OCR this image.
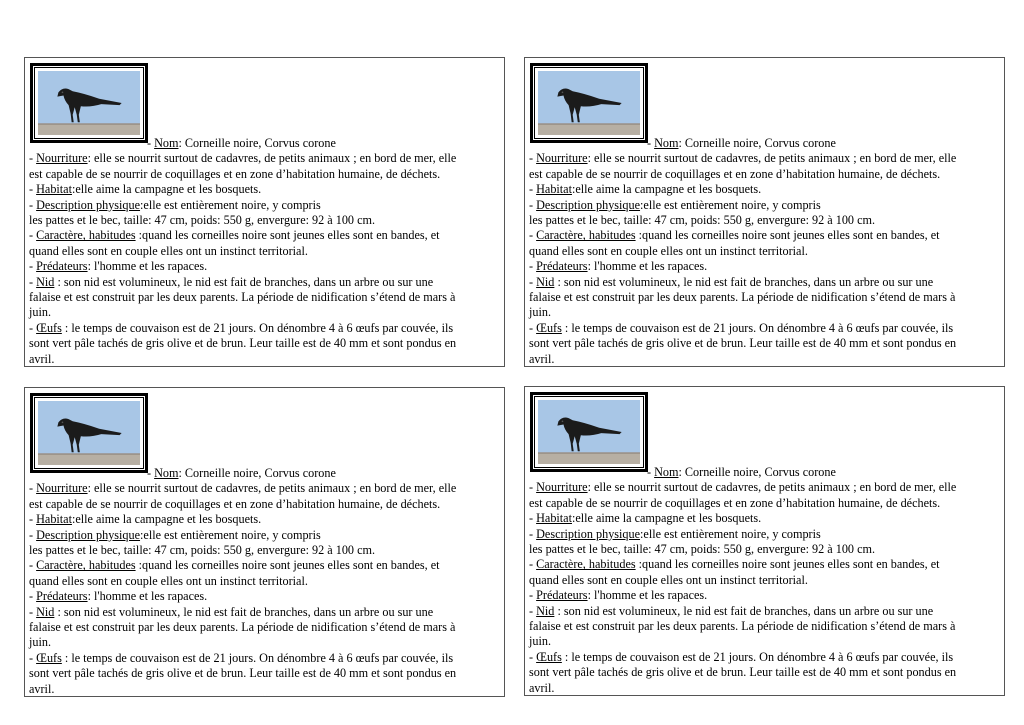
- Nom: Corneille noire, Corvus corone
- Nourriture: elle se nourrit surtout de cadavres, de petits animaux ; en bord de mer, elle
est capable de se nourrir de coquillages et en zone d’habitation humaine, de déchets.
- Habitat:elle aime la campagne et les bosquets.
- Description physique:elle est entièrement noire, y compris
les pattes et le bec, taille: 47 cm, poids: 550 g, envergure: 92 à 100 cm.
- Caractère, habitudes :quand les corneilles noire sont jeunes elles sont en bandes, et
quand elles sont en couple elles ont un instinct territorial.
- Prédateurs: l'homme et les rapaces.
- Nid : son nid est volumineux, le nid est fait de branches, dans un arbre ou sur une
falaise et est construit par les deux parents. La période de nidification s’étend de mars à
juin.
- Œufs : le temps de couvaison est de 21 jours. On dénombre 4 à 6 œufs par couvée, ils
sont vert pâle tachés de gris olive et de brun. Leur taille est de 40 mm et sont pondus en
avril.
- Nom: Corneille noire, Corvus corone
- Nourriture: elle se nourrit surtout de cadavres, de petits animaux ; en bord de mer, elle
est capable de se nourrir de coquillages et en zone d’habitation humaine, de déchets.
- Habitat:elle aime la campagne et les bosquets.
- Description physique:elle est entièrement noire, y compris
les pattes et le bec, taille: 47 cm, poids: 550 g, envergure: 92 à 100 cm.
- Caractère, habitudes :quand les corneilles noire sont jeunes elles sont en bandes, et
quand elles sont en couple elles ont un instinct territorial.
- Prédateurs: l'homme et les rapaces.
- Nid : son nid est volumineux, le nid est fait de branches, dans un arbre ou sur une
falaise et est construit par les deux parents. La période de nidification s’étend de mars à
juin.
- Œufs : le temps de couvaison est de 21 jours. On dénombre 4 à 6 œufs par couvée, ils
sont vert pâle tachés de gris olive et de brun. Leur taille est de 40 mm et sont pondus en
avril.
- Nom: Corneille noire, Corvus corone
- Nourriture: elle se nourrit surtout de cadavres, de petits animaux ; en bord de mer, elle
est capable de se nourrir de coquillages et en zone d’habitation humaine, de déchets.
- Habitat:elle aime la campagne et les bosquets.
- Description physique:elle est entièrement noire, y compris
les pattes et le bec, taille: 47 cm, poids: 550 g, envergure: 92 à 100 cm.
- Caractère, habitudes :quand les corneilles noire sont jeunes elles sont en bandes, et
quand elles sont en couple elles ont un instinct territorial.
- Prédateurs: l'homme et les rapaces.
- Nid : son nid est volumineux, le nid est fait de branches, dans un arbre ou sur une
falaise et est construit par les deux parents. La période de nidification s’étend de mars à
juin.
- Œufs : le temps de couvaison est de 21 jours. On dénombre 4 à 6 œufs par couvée, ils
sont vert pâle tachés de gris olive et de brun. Leur taille est de 40 mm et sont pondus en
avril.
- Nom: Corneille noire, Corvus corone
- Nourriture: elle se nourrit surtout de cadavres, de petits animaux ; en bord de mer, elle
est capable de se nourrir de coquillages et en zone d’habitation humaine, de déchets.
- Habitat:elle aime la campagne et les bosquets.
- Description physique:elle est entièrement noire, y compris
les pattes et le bec, taille: 47 cm, poids: 550 g, envergure: 92 à 100 cm.
- Caractère, habitudes :quand les corneilles noire sont jeunes elles sont en bandes, et
quand elles sont en couple elles ont un instinct territorial.
- Prédateurs: l'homme et les rapaces.
- Nid : son nid est volumineux, le nid est fait de branches, dans un arbre ou sur une
falaise et est construit par les deux parents. La période de nidification s’étend de mars à
juin.
- Œufs : le temps de couvaison est de 21 jours. On dénombre 4 à 6 œufs par couvée, ils
sont vert pâle tachés de gris olive et de brun. Leur taille est de 40 mm et sont pondus en
avril.
